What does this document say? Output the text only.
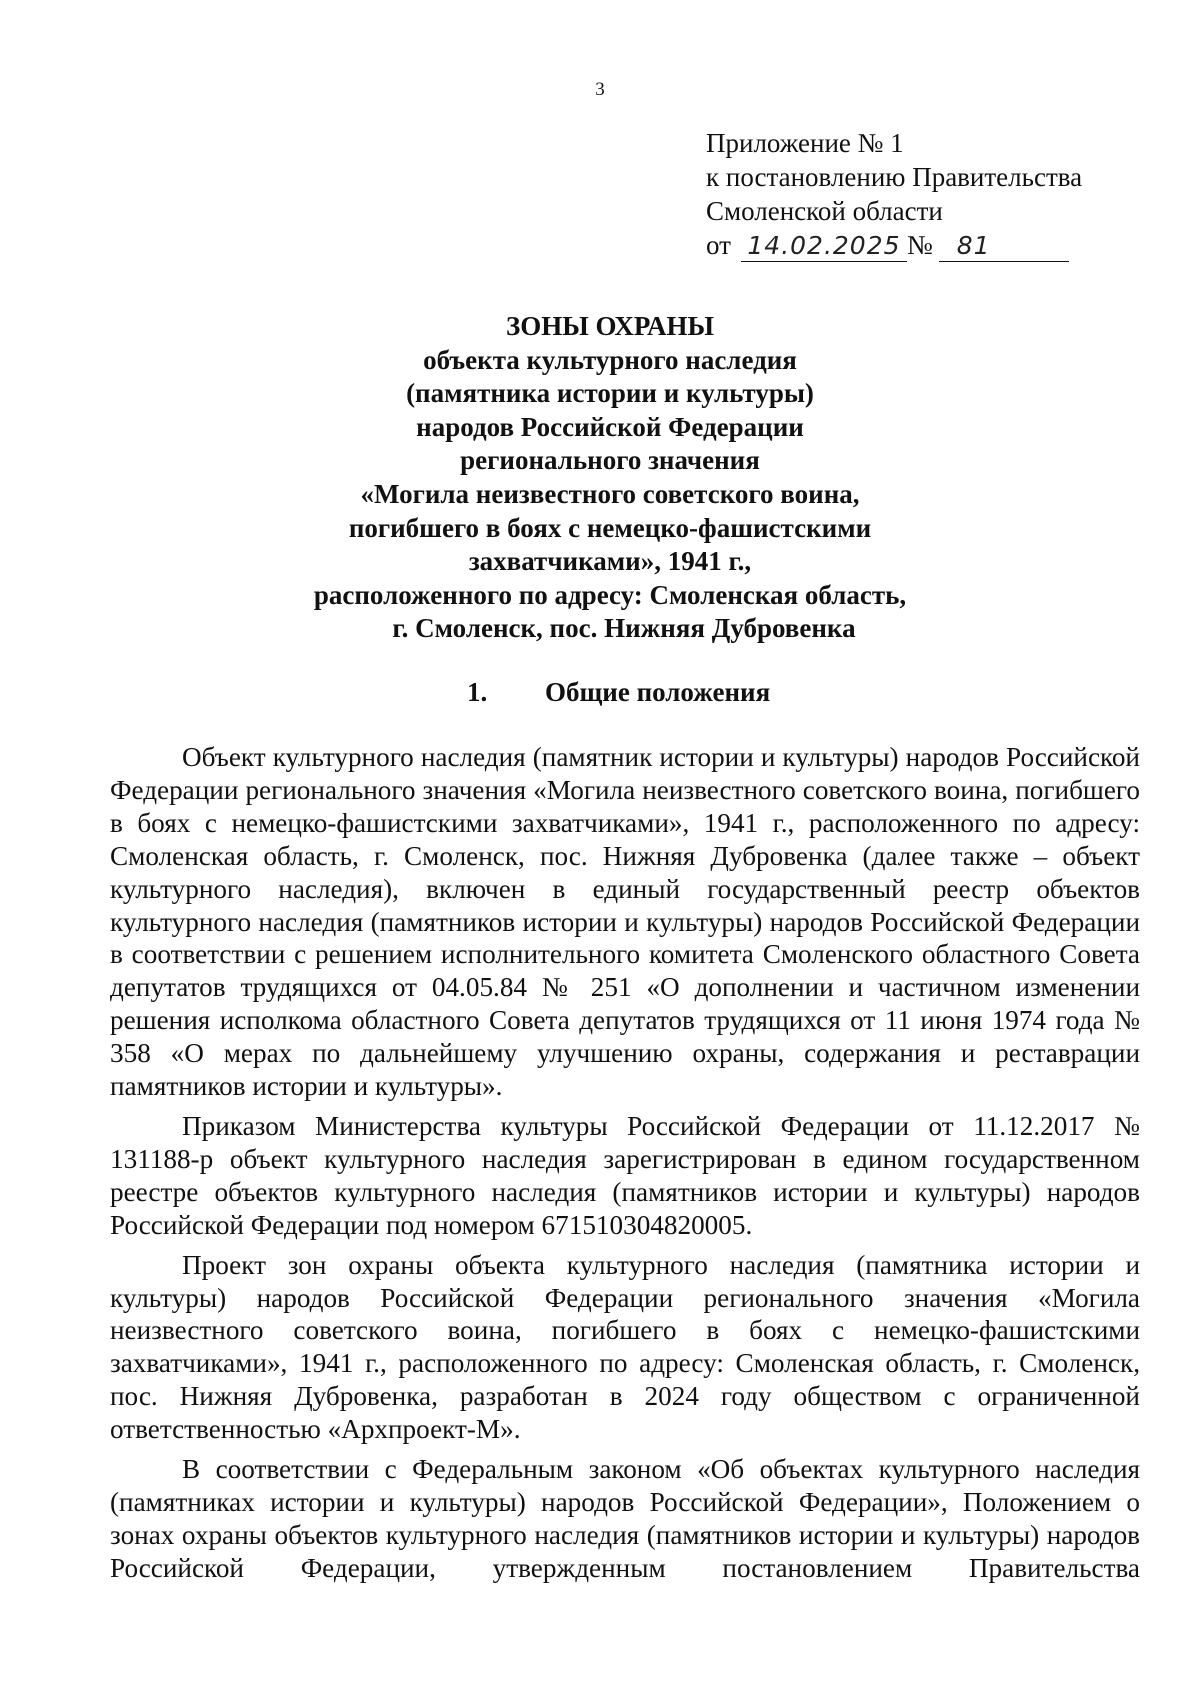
3
Приложение № 1
к постановлению Правительства
Смоленской области
от 14.02.2025 № 81
ЗОНЫ ОХРАНЫ
объекта культурного наследия
(памятника истории и культуры)
народов Российской Федерации
регионального значения
«Могила неизвестного советского воина,
погибшего в боях с немецко-фашистскими
захватчиками», 1941 г.,
расположенного по адресу: Смоленская область,
г. Смоленск, пос. Нижняя Дубровенка
1. Общие положения

Объект культурного наследия (памятник истории и культуры) народов Российской Федерации регионального значения «Могила неизвестного советского воина, погибшего в боях с немецко-фашистскими захватчиками», 1941 г., расположенного по адресу: Смоленская область, г. Смоленск, пос. Нижняя Дубровенка (далее также – объект культурного наследия), включен в единый государственный реестр объектов культурного наследия (памятников истории и культуры) народов Российской Федерации в соответствии с решением исполнительного комитета Смоленского областного Совета депутатов трудящихся от 04.05.84 № 251 «О дополнении и частичном изменении решения исполкома областного Совета депутатов трудящихся от 11 июня 1974 года № 358 «О мерах по дальнейшему улучшению охраны, содержания и реставрации памятников истории и культуры».

Приказом Министерства культуры Российской Федерации от 11.12.2017 № 131188-р объект культурного наследия зарегистрирован в едином государственном реестре объектов культурного наследия (памятников истории и культуры) народов Российской Федерации под номером 671510304820005.

Проект зон охраны объекта культурного наследия (памятника истории и культуры) народов Российской Федерации регионального значения «Могила неизвестного советского воина, погибшего в боях с немецко-фашистскими захватчиками», 1941 г., расположенного по адресу: Смоленская область, г. Смоленск, пос. Нижняя Дубровенка, разработан в 2024 году обществом с ограниченной ответственностью «Архпроект-М».

В соответствии с Федеральным законом «Об объектах культурного наследия (памятниках истории и культуры) народов Российской Федерации», Положением о зонах охраны объектов культурного наследия (памятников истории и культуры) народов Российской Федерации, утвержденным постановлением Правительства
